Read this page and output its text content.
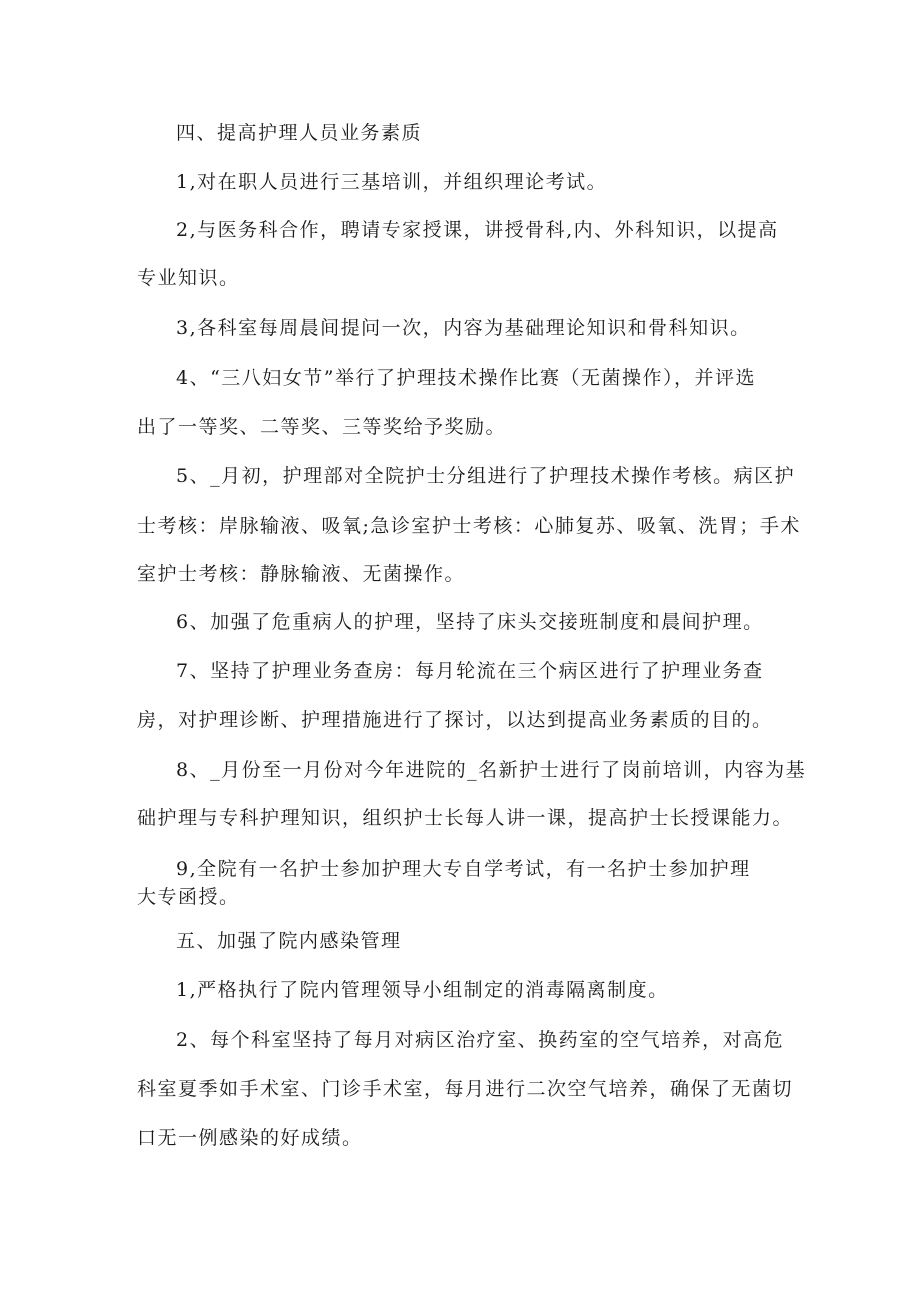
四、提高护理人员业务素质
1,对在职人员进行三基培训，并组织理论考试。
2,与医务科合作，聘请专家授课，讲授骨科,内、外科知识，以提高
专业知识。
3,各科室每周晨间提问一次，内容为基础理论知识和骨科知识。
4、“三八妇女节”举行了护理技术操作比赛（无菌操作），并评选
出了一等奖、二等奖、三等奖给予奖励。
5、_月初，护理部对全院护士分组进行了护理技术操作考核。病区护
士考核：岸脉输液、吸氧;急诊室护士考核：心肺复苏、吸氧、洗胃；手术
室护士考核：静脉输液、无菌操作。
6、加强了危重病人的护理，坚持了床头交接班制度和晨间护理。
7、坚持了护理业务查房：每月轮流在三个病区进行了护理业务查
房，对护理诊断、护理措施进行了探讨，以达到提高业务素质的目的。
8、_月份至一月份对今年进院的_名新护士进行了岗前培训，内容为基
础护理与专科护理知识，组织护士长每人讲一课，提高护士长授课能力。
9,全院有一名护士参加护理大专自学考试，有一名护士参加护理
大专函授。
五、加强了院内感染管理
1,严格执行了院内管理领导小组制定的消毒隔离制度。
2、每个科室坚持了每月对病区治疗室、换药室的空气培养，对高危
科室夏季如手术室、门诊手术室，每月进行二次空气培养，确保了无菌切
口无一例感染的好成绩。
